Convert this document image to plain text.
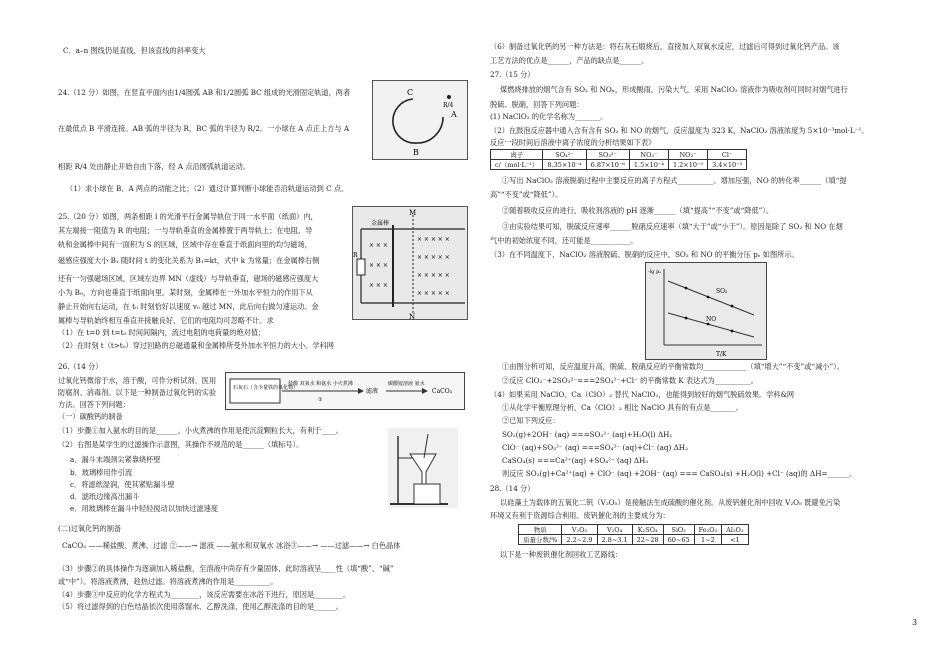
C．a–n 图线仍是直线，但该直线的斜率变大
24.（12 分）如图，在竖直平面内由1/4圆弧 AB 和1/2圆弧 BC 组成的光滑固定轨道，两者
在最低点 B 平滑连接。AB 弧的半径为 R，BC 弧的半径为 R/2。一小球在 A 点正上方与 A
相距 R/4 处由静止开始自由下落，经 A 点沿圆弧轨道运动。
（1）求小球在 B、A 两点的动能之比；（2）通过计算判断小球能否沿轨道运动到 C 点。
25.（20 分）如图，两条相距 l 的光滑平行金属导轨位于同一水平面（纸面）内，
其左端接一阻值为 R 的电阻；一与导轨垂直的金属棒置于两导轨上；在电阻、导
轨和金属棒中间有一面积为 S 的区域，区域中存在垂直于纸面向里的均匀磁场，
磁感应强度大小 B₁ 随时间 t 的变化关系为 B₁=kt，式中 k 为常量；在金属棒右侧
还有一匀强磁场区域，区域左边界 MN（虚线）与导轨垂直，磁场的磁感应强度大
小为 B₀，方向也垂直于纸面向里。某时刻，金属棒在一外加水平恒力的作用下从
静止开始向右运动，在 t₀ 时刻恰好以速度 v₀ 越过 MN，此后向右做匀速运动。金
属棒与导轨始终相互垂直并接触良好，它们的电阻均可忽略不计。求
（1）在 t=0 到 t=t₀ 时间间隔内，流过电阻的电荷量的绝对值；
（2）在时刻 t（t>t₀）穿过回路的总磁通量和金属棒所受外加水平恒力的大小。学科网
26.（14 分）
过氧化钙微溶于水，溶于酸，可作分析试剂、医用
防腐剂、消毒剂。以下是一种制备过氧化钙的实验
方法。回答下列问题：
（一）碳酸钙的制备
（1）步骤①加入氨水的目的是______。小火煮沸的作用是使沉淀颗粒长大，有利于____。
（2）右图是某学生的过滤操作示意图，其操作不规范的是______（填标号）。
a．漏斗末端颈尖紧靠烧杯壁
b．玻璃棒用作引流
c．将滤纸湿润，使其紧贴漏斗壁
d．滤纸边缘高出漏斗
e．用玻璃棒在漏斗中轻轻搅动以加快过滤速度
(二)过氧化钙的制备
CaCO₃ ——稀盐酸、煮沸、过滤 ②——→ 滤液 ——氨水和双氧水 冰浴③——→ ——过滤——→ 白色晶体
（3）步骤②的具体操作为逐滴加入稀盐酸，至溶液中尚存有少量固体，此时溶液呈____性（填“酸”、“碱”
或“中”）。将溶液煮沸，趁热过滤。将溶液煮沸的作用是__________。
（4）步骤③中反应的化学方程式为________，该反应需要在冰浴下进行，原因是________。
（5）将过滤得到的白色结晶依次使用蒸馏水、乙醇洗涤，使用乙醇洗涤的目的是______。
C
A
B
R/4
× × ×
× × ×
× × ×
× × × × ×
× × × × ×
× × × × ×
× × × × ×
M
N
金属棒
R
石灰石（含少量铁的氧化物）
盐酸 双氧水 和氨水 小火煮沸
①
滤液
碳酸铵溶液 氨水
CaCO₃
（6）制备过氧化钙的另一种方法是：将石灰石煅烧后，直接加入双氧水反应，过滤后可得到过氧化钙产品。该
工艺方法的优点是______，产品的缺点是______。
27.（15 分）
煤燃烧排放的烟气含有 SO₂ 和 NOₓ，形成酸雨、污染大气，采用 NaClO₂ 溶液作为吸收剂可同时对烟气进行
脱硫、脱硝，回答下列问题：
(1) NaClO₂ 的化学名称为_______。
（2）在鼓泡反应器中通入含有含有 SO₂ 和 NO 的烟气，反应温度为 323 K，NaClO₂ 溶液浓度为 5×10⁻³mol·L⁻¹。
反应一段时间后溶液中离子浓度的分析结果如下表》
①写出 NaClO₂ 溶液脱硝过程中主要反应的离子方程式__________。增加压强，NO 的转化率______（填“提
高”“不变”或“降低”）。
②随着吸收反应的进行，吸收剂溶液的 pH 逐渐______（填“提高”“不变”或“降低”）。
③由实验结果可知，脱硫反应速率______脱硝反应速率（填“大于”或“小于”）。原因是除了 SO₂ 和 NO 在烟
气中的初始浓度不同，还可能是___________。
（3）在不同温度下，NaClO₂ 溶液脱硫、脱硝的反应中，SO₂ 和 NO 的平衡分压 pₑ 如图所示。
①由图分析可知，反应温度升高，脱硫、脱硝反应的平衡常数均____________（填“增大”“不变”或“减小”）。
②反应 ClO₂⁻+2SO₃²⁻===2SO₄²⁻+Cl⁻ 的平衡常数 K 表达式为__________。
（4）如果采用 NaClO、Ca（ClO）₂ 替代 NaClO₂，也能得到较好的烟气脱硫效果。学科&网
①从化学平衡原理分析，Ca（ClO）₂ 相比 NaClO 具有的有点是_______。
②已知下列反应：
SO₂(g)+2OH⁻ (aq) ===SO₃²⁻ (aq)+H₂O(l) ΔH₁
ClO⁻ (aq)+SO₃²⁻ (aq) ===SO₄²⁻ (aq)+Cl⁻ (aq) ΔH₂
CaSO₄(s) ===Ca²⁺(aq) +SO₄²⁻ (aq) ΔH₃
则反应 SO₂(g)+Ca²⁺(aq) + ClO⁻ (aq) +2OH⁻ (aq) === CaSO₄(s) +H₂O(l) +Cl⁻ (aq)的 ΔH=______。
28.（14 分）
以硅藻土为载体的五氧化二钒（V₂O₅）是接触法生成硫酸的催化剂。从废钒催化剂中回收 V₂O₅ 既避免污染
环境又有利于资源综合利用。废钒催化剂的主要成分为：
以下是一种废钒催化剂回收工艺路线：
离子	SO₄²⁻	SO₃²⁻	NO₃⁻	NO₂⁻	Cl⁻
c/（mol·L⁻¹）	8.35×10⁻⁴	6.87×10⁻⁶	1.5×10⁻⁴	1.2×10⁻⁵	3.4×10⁻³
SO₂
NO
T/K
-lg pₑ
物质	V₂O₅	V₂O₄	K₂SO₄	SiO₂	Fe₂O₃	Al₂O₃
质量分数/%	2.2~2.9	2.8~3.1	22~28	60~65	1~2	<1
3
